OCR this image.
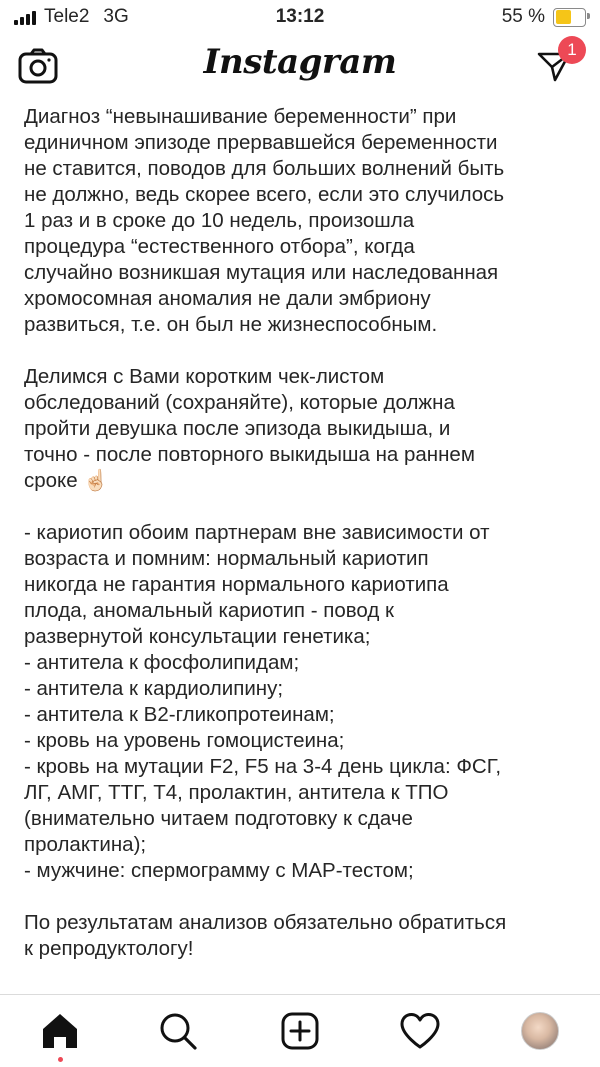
Tele2 3G	13:12	55 %
Instagram	1
Диагноз “невынашивание беременности” при
единичном эпизоде прервавшейся беременности
не ставится, поводов для больших волнений быть
не должно, ведь скорее всего, если это случилось
1 раз и в сроке до 10 недель, произошла
процедура “естественного отбора”, когда
случайно возникшая мутация или наследованная
хромосомная аномалия не дали эмбриону
развиться, т.е. он был не жизнеспособным.
Делимся с Вами коротким чек-листом
обследований (сохраняйте), которые должна
пройти девушка после эпизода выкидыша, и
точно - после повторного выкидыша на раннем
сроке ☝🏻
- кариотип обоим партнерам вне зависимости от
возраста и помним: нормальный кариотип
никогда не гарантия нормального кариотипа
плода, аномальный кариотип - повод к
развернутой консультации генетика;
- антитела к фосфолипидам;
- антитела к кардиолипину;
- антитела к В2-гликопротеинам;
- кровь на уровень гомоцистеина;
- кровь на мутации F2, F5 на 3-4 день цикла: ФСГ,
ЛГ, АМГ, ТТГ, Т4, пролактин, антитела к ТПО
(внимательно читаем подготовку к сдаче
пролактина);
- мужчине: спермограмму с МАР-тестом;
По результатам анализов обязательно обратиться
к репродуктологу!
